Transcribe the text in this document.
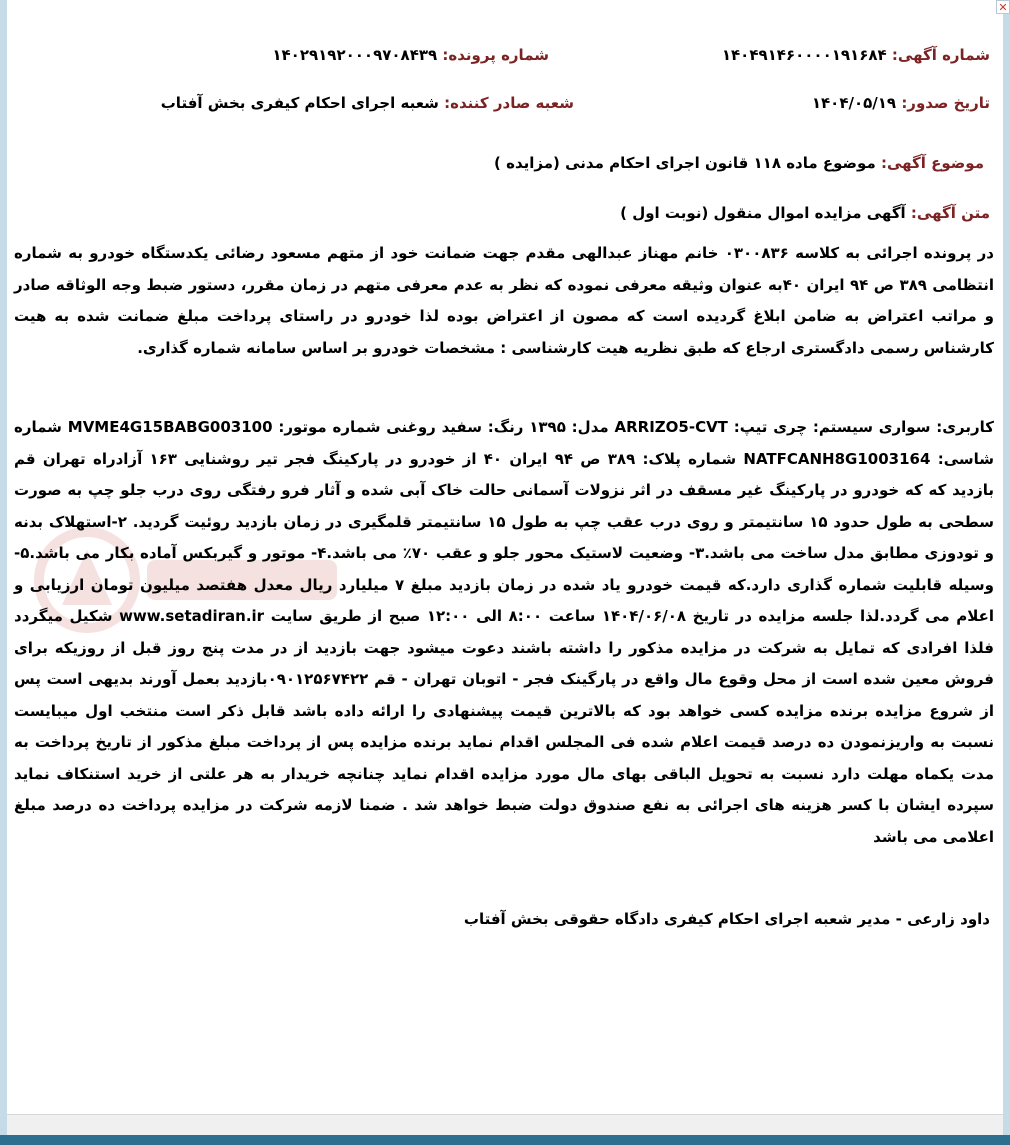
✕
شماره آگهی: ۱۴۰۴۹۱۴۶۰۰۰۰۱۹۱۶۸۴
شماره پرونده: ۱۴۰۲۹۱۹۲۰۰۰۹۷۰۸۴۳۹
تاریخ صدور: ۱۴۰۴/۰۵/۱۹
شعبه صادر کننده: شعبه اجرای احکام کیفری بخش آفتاب
موضوع آگهی: موضوع ماده ۱۱۸ قانون اجرای احکام مدنی (مزایده )
متن آگهی: آگهی مزایده اموال منقول (نوبت اول )
در پرونده اجرائی به کلاسه ۰۳۰۰۸۳۶ خانم مهناز عبدالهی مقدم جهت ضمانت خود از متهم مسعود رضائی یکدستگاه خودرو به شماره انتظامی ۳۸۹ ص ۹۴ ایران ۴۰به عنوان وثیقه معرفی نموده که نظر به عدم معرفی متهم در زمان مقرر، دستور ضبط وجه الوثاقه صادر و مراتب اعتراض به ضامن ابلاغ گردیده است که مصون از اعتراض بوده لذا خودرو در راستای پرداخت مبلغ ضمانت شده به هیت کارشناس رسمی دادگستری ارجاع که طبق نظریه هیت کارشناسی : مشخصات خودرو بر اساس سامانه شماره گذاری.
کاربری: سواری سیستم: چری تیپ: ARRIZO5-CVT مدل: ۱۳۹۵ رنگ: سفید روغنی شماره موتور: MVME4G15BABG003100 شماره شاسی: NATFCANH8G1003164 شماره پلاک: ۳۸۹ ص ۹۴ ایران ۴۰ از خودرو در پارکینگ فجر تیر روشنایی ۱۶۳ آزادراه تهران قم بازدید که که خودرو در پارکینگ غیر مسقف در اثر نزولات آسمانی حالت خاک آبی شده و آثار فرو رفتگی روی درب جلو چپ به صورت سطحی به طول حدود ۱۵ سانتیمتر و روی درب عقب چپ به طول ۱۵ سانتیمتر قلمگیری در زمان بازدید روئیت گردید. ۲-استهلاک بدنه و تودوزی مطابق مدل ساخت می باشد.۳- وضعیت لاستیک محور جلو و عقب ۷۰٪ می باشد.۴- موتور و گیربکس آماده بکار می باشد.۵- وسیله قابلیت شماره گذاری دارد.که قیمت خودرو یاد شده در زمان بازدید مبلغ ۷ میلیارد ریال معدل هفتصد میلیون تومان ارزیابی و اعلام می گردد.لذا جلسه مزایده در تاریخ ۱۴۰۴/۰۶/۰۸ ساعت ۸:۰۰ الی ۱۲:۰۰ صبح از طریق سایت www.setadiran.ir شکیل میگردد فلذا افرادی که تمایل به شرکت در مزایده مذکور را داشته باشند دعوت میشود جهت بازدید از در مدت پنج روز قبل از روزیکه برای فروش معین شده است از محل وقوع مال واقع در پارگینک فجر - اتوبان تهران - قم ۰۹۰۱۲۵۶۷۴۲۲بازدید بعمل آورند بدیهی است پس از شروع مزایده برنده مزایده کسی خواهد بود که بالاترین قیمت پیشنهادی را ارائه داده باشد قابل ذکر است منتخب اول میبایست نسبت به واریزنمودن ده درصد قیمت اعلام شده فی المجلس اقدام نماید برنده مزایده پس از پرداخت مبلغ مذکور از تاریخ پرداخت به مدت یکماه مهلت دارد نسبت به تحویل الباقی بهای مال مورد مزایده اقدام نماید چنانچه خریدار به هر علتی از خرید استنکاف نماید سپرده ایشان با کسر هزینه های اجرائی به نفع صندوق دولت ضبط خواهد شد . ضمنا لازمه شرکت در مزایده پرداخت ده درصد مبلغ اعلامی می باشد
داود زارعی - مدیر شعبه اجرای احکام کیفری دادگاه حقوقی بخش آفتاب
